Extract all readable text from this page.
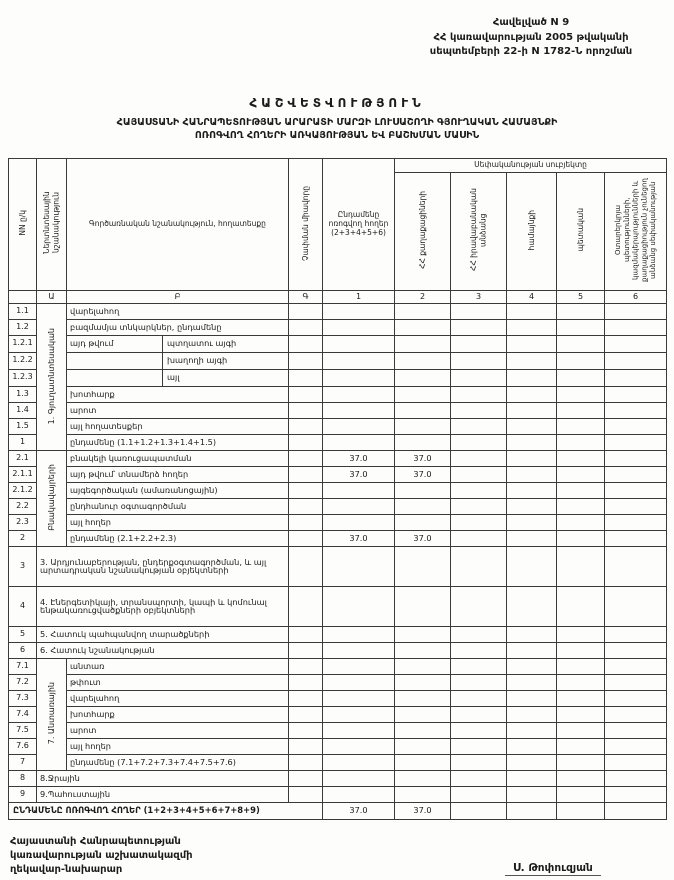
Հավելված N 9
ՀՀ կառավարության 2005 թվականի
սեպտեմբերի 22-ի N 1782-Ն որոշման
ՀԱՇՎԵՏՎՈՒԹՅՈՒՆ
ՀԱՅԱՍՏԱՆԻ ՀԱՆՐԱՊԵՏՈՒԹՅԱՆ ԱՐԱՐԱՏԻ ՄԱՐԶԻ ԼՈՒՍԱՇՈՂԻ ԳՅՈՒՂԱԿԱՆ ՀԱՄԱՅՆՔԻ
ՈՌՈԳՎՈՂ ՀՈՂԵՐԻ ԱՌԿԱՅՈՒԹՅԱՆ ԵՎ ԲԱՇԽՄԱՆ ՄԱՍԻՆ
NN ը/կ	Ներտնտեսային նշանակություն	Գործառնական նշանակություն, հողատեսքը	Չափման միավորը	Ընդամենը ոռոգվող հողեր (2+3+4+5+6)	Սեփականության սուբյեկտը				
					ՀՀ քաղաքացիների	ՀՀ իրավաբանական անձանց	համայնքի	պետական	Օտարերկրյա պետությունների, կազմակերպությունների և քաղաքացիություն չունեցող անձանց սեփականության
	Ա	Բ	Գ	1	2	3	4	5	6
1.1	1. Գյուղատնտեսական	վարելահող							
1.2		բազմամյա տնկարկներ, ընդամենը							
1.2.1		այդ թվում պտղատու այգի							

1.2.2		խաղողի այգի							

1.2.3		այլ							

1.3		խոտհարք							
1.4		արոտ							
1.5		այլ հողատեսքեր							
1		ընդամենը (1.1+1.2+1.3+1.4+1.5)							
2.1	Բնակավայրերի	բնակելի կառուցապատման		37.0	37.0				
2.1.1		այդ թվում՝ տնամերձ հողեր		37.0	37.0				
2.1.2		այգեգործական (ամառանոցային)							
2.2		ընդհանուր օգտագործման							
2.3		այլ հողեր							
2		ընդամենը (2.1+2.2+2.3)		37.0	37.0				
3	3. Արդյունաբերության, ընդերքօգտագործման, և այլ արտադրական նշանակության օբյեկտների								
4	4. Էներգետիկայի, տրանսպորտի, կապի և կոմունալ ենթակառուցվածքների օբյեկտների								
5	5. Հատուկ պահպանվող տարածքների								
6	6. Հատուկ նշանակության								
7.1	7. Անտառային	անտառ							
7.2		թփուտ							
7.3		վարելահող							
7.4		խոտհարք							
7.5		արոտ							
7.6		այլ հողեր							
7		ընդամենը (7.1+7.2+7.3+7.4+7.5+7.6)							
8	8.Ջրային								
9	9.Պահուստային								
ԸՆԴԱՄԵՆԸ ՈՌՈԳՎՈՂ ՀՈՂԵՐ (1+2+3+4+5+6+7+8+9)				37.0	37.0				
Հայաստանի Հանրապետության
կառավարության աշխատակազմի
ղեկավար-նախարար	Ս. Թոփուզյան
